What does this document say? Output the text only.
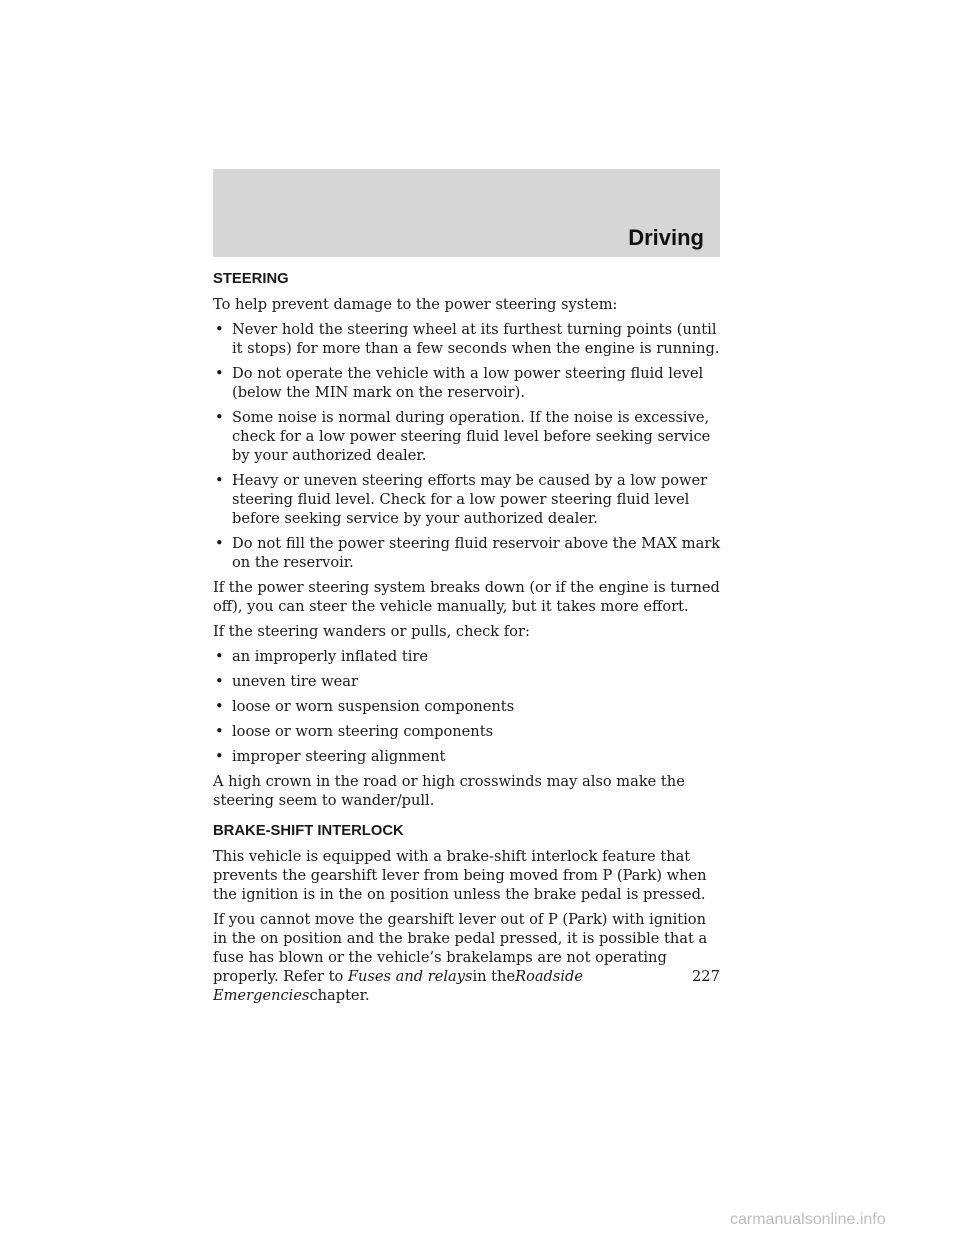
Driving
STEERING

To help prevent damage to the power steering system:

• Never hold the steering wheel at its furthest turning points (until it stops) for more than a few seconds when the engine is running.
• Do not operate the vehicle with a low power steering fluid level (below the MIN mark on the reservoir).
• Some noise is normal during operation. If the noise is excessive, check for a low power steering fluid level before seeking service by your authorized dealer.
• Heavy or uneven steering efforts may be caused by a low power steering fluid level. Check for a low power steering fluid level before seeking service by your authorized dealer.
• Do not fill the power steering fluid reservoir above the MAX mark on the reservoir.

If the power steering system breaks down (or if the engine is turned off), you can steer the vehicle manually, but it takes more effort.

If the steering wanders or pulls, check for:

• an improperly inflated tire
• uneven tire wear
• loose or worn suspension components
• loose or worn steering components
• improper steering alignment

A high crown in the road or high crosswinds may also make the steering seem to wander/pull.

BRAKE-SHIFT INTERLOCK

This vehicle is equipped with a brake-shift interlock feature that prevents the gearshift lever from being moved from P (Park) when the ignition is in the on position unless the brake pedal is pressed.

If you cannot move the gearshift lever out of P (Park) with ignition in the on position and the brake pedal pressed, it is possible that a fuse has blown or the vehicle’s brakelamps are not operating properly. Refer to Fuses and relaysin theRoadside Emergencieschapter.

227
carmanualsonline.info
